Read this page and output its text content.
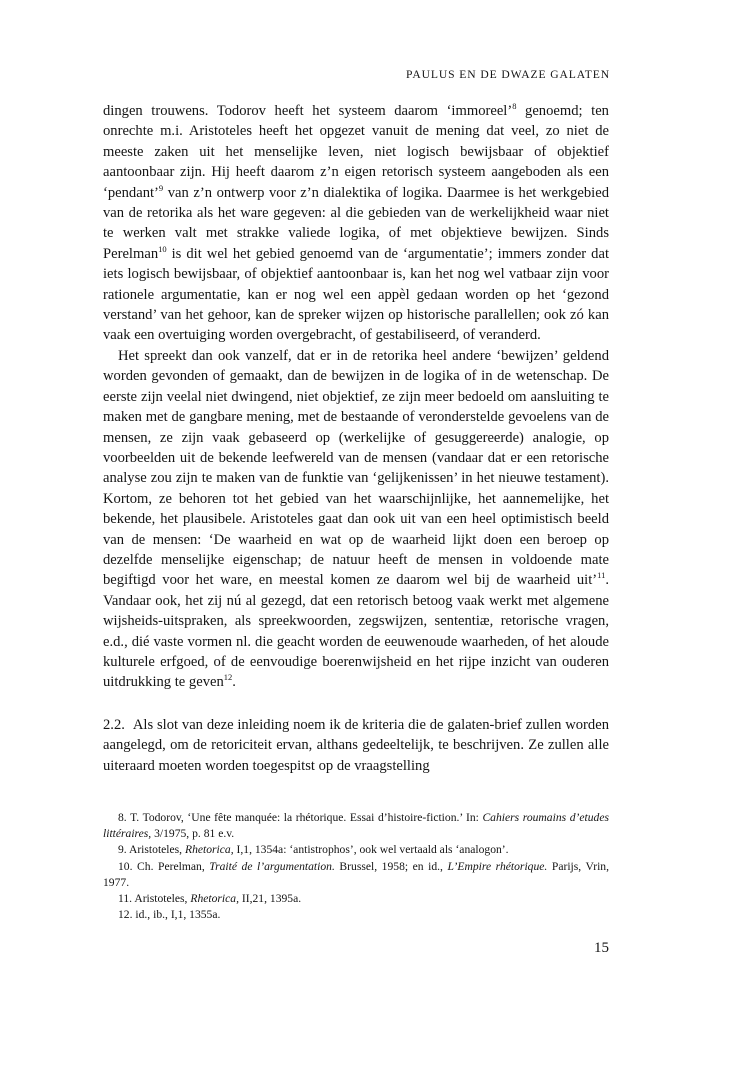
PAULUS EN DE DWAZE GALATEN

dingen trouwens. Todorov heeft het systeem daarom ‘immoreel’$^8$ genoemd; ten onrechte m.i. Aristoteles heeft het opgezet vanuit de mening dat veel, zo niet de meeste zaken uit het menselijke leven, niet logisch bewijsbaar of objektief aantoonbaar zijn. Hij heeft daarom z’n eigen retorisch systeem aangeboden als een ‘pendant’$^9$ van z’n ontwerp voor z’n dialektika of logika. Daarmee is het werkgebied van de retorika als het ware gegeven: al die gebieden van de werkelijkheid waar niet te werken valt met strakke valiede logika, of met objektieve bewijzen. Sinds Perelman$^{10}$ is dit wel het gebied genoemd van de ‘argumentatie’; immers zonder dat iets logisch bewijsbaar, of objektief aantoonbaar is, kan het nog wel vatbaar zijn voor rationele argumentatie, kan er nog wel een appèl gedaan worden op het ‘gezond verstand’ van het gehoor, kan de spreker wijzen op historische parallellen; ook zó kan vaak een overtuiging worden overgebracht, of gestabiliseerd, of veranderd.

Het spreekt dan ook vanzelf, dat er in de retorika heel andere ‘bewijzen’ geldend worden gevonden of gemaakt, dan de bewijzen in de logika of in de wetenschap. De eerste zijn veelal niet dwingend, niet objektief, ze zijn meer bedoeld om aansluiting te maken met de gangbare mening, met de bestaande of veronderstelde gevoelens van de mensen, ze zijn vaak gebaseerd op (werkelijke of gesuggereerde) analogie, op voorbeelden uit de bekende leefwereld van de mensen (vandaar dat er een retorische analyse zou zijn te maken van de funktie van ‘gelijkenissen’ in het nieuwe testament). Kortom, ze behoren tot het gebied van het waarschijnlijke, het aannemelijke, het bekende, het plausibele. Aristoteles gaat dan ook uit van een heel optimistisch beeld van de mensen: ‘De waarheid en wat op de waarheid lijkt doen een beroep op dezelfde menselijke eigenschap; de natuur heeft de mensen in voldoende mate begiftigd voor het ware, en meestal komen ze daarom wel bij de waarheid uit’$^{11}$. Vandaar ook, het zij nú al gezegd, dat een retorisch betoog vaak werkt met algemene wijsheids-uitspraken, als spreekwoorden, zegswijzen, sententiæ, retorische vragen, e.d., dié vaste vormen nl. die geacht worden de eeuwenoude waarheden, of het aloude kulturele erfgoed, of de eenvoudige boerenwijsheid en het rijpe inzicht van ouderen uitdrukking te geven$^{12}$.

2.2. Als slot van deze inleiding noem ik de kriteria die de galaten-brief zullen worden aangelegd, om de retoriciteit ervan, althans gedeeltelijk, te beschrijven. Ze zullen alle uiteraard moeten worden toegespitst op de vraagstelling

8. T. Todorov, ‘Une fête manquée: la rhétorique. Essai d’histoire-fiction.’ In: Cahiers roumains d’etudes littéraires, 3/1975, p. 81 e.v.

9. Aristoteles, Rhetorica, I,1, 1354a: ‘antistrophos’, ook wel vertaald als ‘analogon’.

10. Ch. Perelman, Traité de l’argumentation. Brussel, 1958; en id., L’Empire rhétorique. Parijs, Vrin, 1977.

11. Aristoteles, Rhetorica, II,21, 1395a.

12. id., ib., I,1, 1355a.

15
